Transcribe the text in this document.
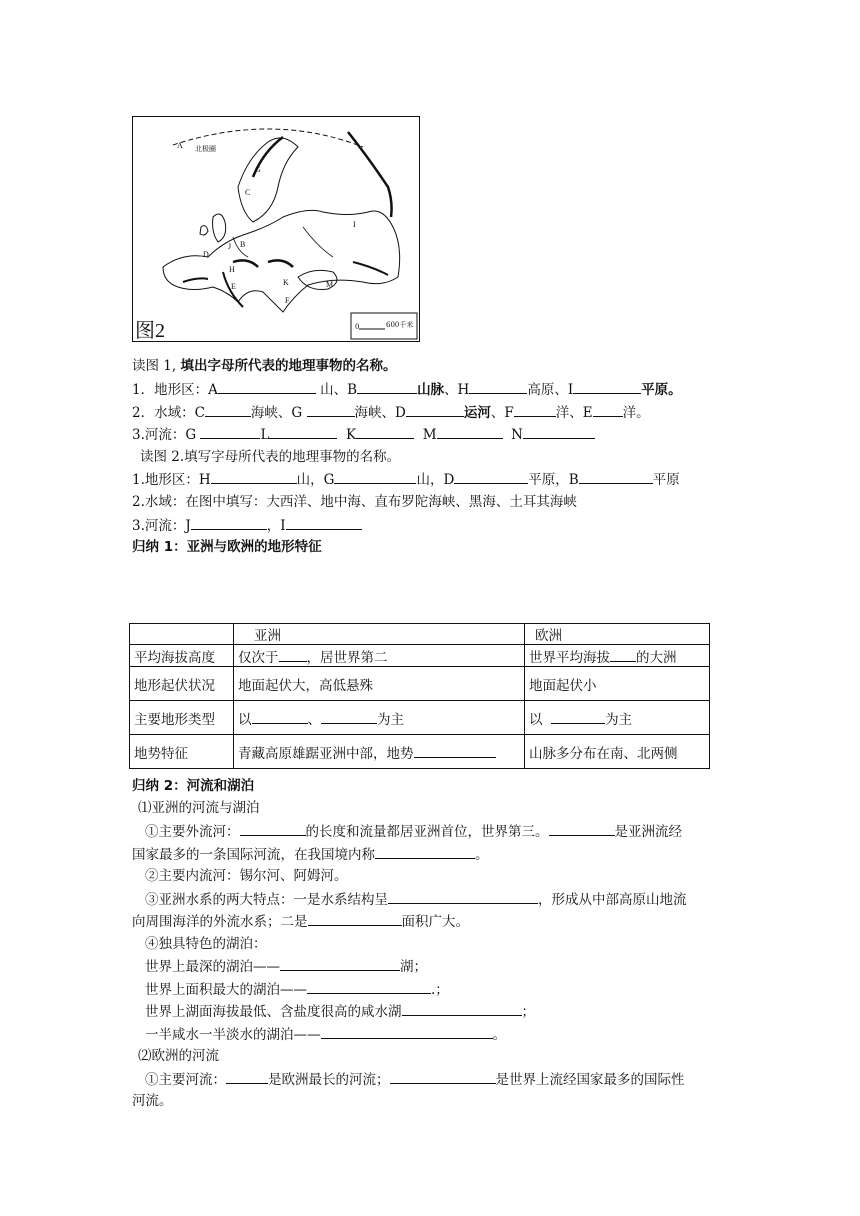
北极圈
A
G
C
B
J
D
I
H
E	K
F
M
图2	0	600千米
读图 1, 填出字母所代表的地理事物的名称。
1．地形区：A	山、B	山脉、H	高原、I	平原。
2．水域：C	海峡、G	海峡、D	运河、F	洋、E 洋。
3.河流：G	L	K	M	N
读图 2.填写字母所代表的地理事物的名称。
1.地形区：H	山，G	山，D	平原，B	平原
2.水域：在图中填写：大西洋、地中海、直布罗陀海峡、黑海、土耳其海峡
3.河流：J	，I
归纳 1：亚洲与欧洲的地形特征
	亚洲	欧洲
平均海拔高度	仅次于 ，居世界第二	世界平均海拔 的大洲
地形起伏状况	地面起伏大，高低悬殊	地面起伏小
主要地形类型	以 、 为主	以 为主
地势特征	青藏高原雄踞亚洲中部，地势	山脉多分布在南、北两侧
归纳 2：河流和湖泊
⑴亚洲的河流与湖泊
①主要外流河：	的长度和流量都居亚洲首位，世界第三。	是亚洲流经
国家最多的一条国际河流，在我国境内称	。
②主要内流河：锡尔河、阿姆河。
③亚洲水系的两大特点：一是水系结构呈	，形成从中部高原山地流
向周围海洋的外流水系；二是	面积广大。
④独具特色的湖泊：
世界上最深的湖泊——	湖；
世界上面积最大的湖泊——	.；
世界上湖面海拔最低、含盐度很高的咸水湖	；
一半咸水一半淡水的湖泊——	。
⑵欧洲的河流
①主要河流：	是欧洲最长的河流；	是世界上流经国家最多的国际性
河流。
